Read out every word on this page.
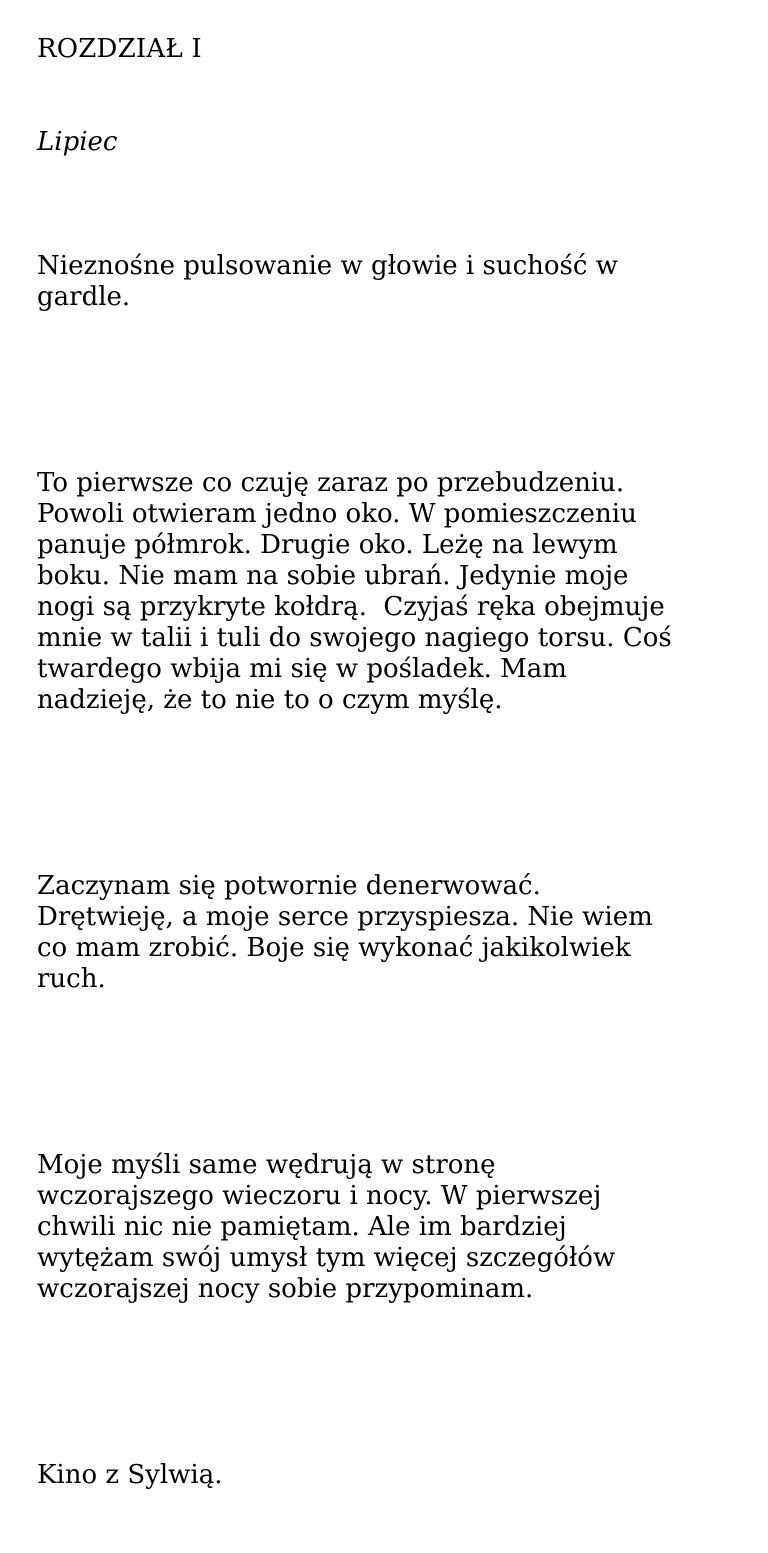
ROZDZIAŁ I
Lipiec

Nieznośne pulsowanie w głowie i suchość w
gardle.

To pierwsze co czuję zaraz po przebudzeniu.
Powoli otwieram jedno oko. W pomieszczeniu
panuje półmrok. Drugie oko. Leżę na lewym
boku. Nie mam na sobie ubrań. Jedynie moje
nogi są przykryte kołdrą.  Czyjaś ręka obejmuje
mnie w talii i tuli do swojego nagiego torsu. Coś
twardego wbija mi się w pośladek. Mam
nadzieję, że to nie to o czym myślę.

Zaczynam się potwornie denerwować.
Drętwieję, a moje serce przyspiesza. Nie wiem
co mam zrobić. Boje się wykonać jakikolwiek
ruch.

Moje myśli same wędrują w stronę
wczorajszego wieczoru i nocy. W pierwszej
chwili nic nie pamiętam. Ale im bardziej
wytężam swój umysł tym więcej szczegółów
wczorajszej nocy sobie przypominam.

Kino z Sylwią.
